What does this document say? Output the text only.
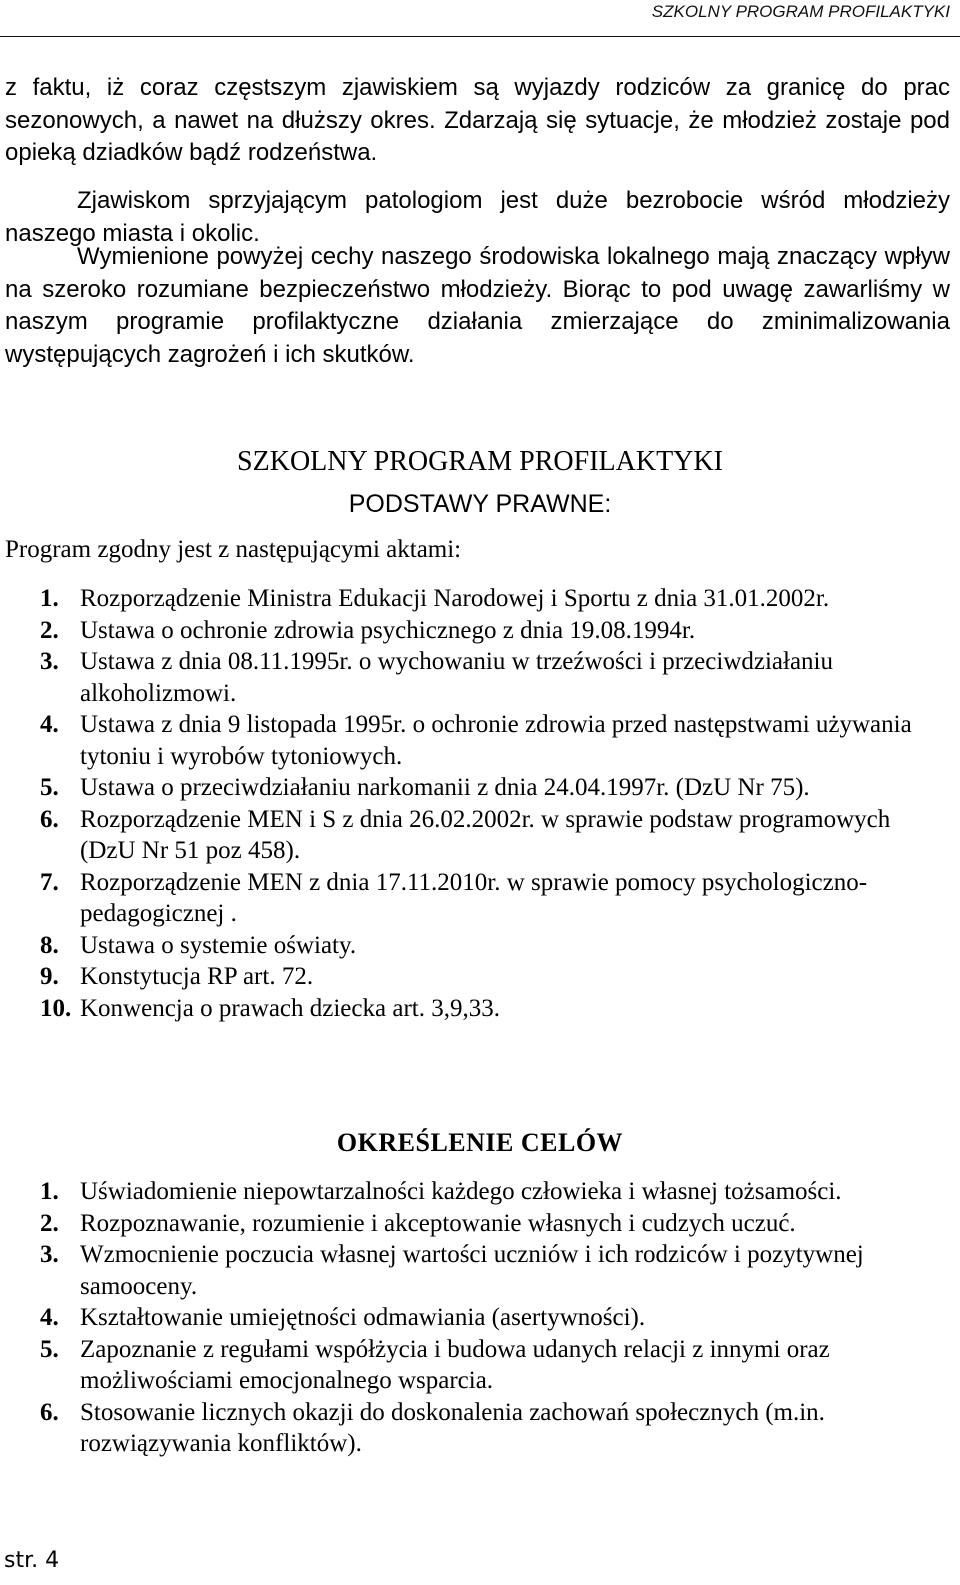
SZKOLNY PROGRAM PROFILAKTYKI

z faktu, iż coraz częstszym zjawiskiem są wyjazdy rodziców za granicę do prac sezonowych, a nawet na dłuższy okres. Zdarzają się sytuacje, że młodzież zostaje pod opieką dziadków bądź rodzeństwa.

Zjawiskom sprzyjającym patologiom jest duże bezrobocie wśród młodzieży naszego miasta i okolic.

Wymienione powyżej cechy naszego środowiska lokalnego mają znaczący wpływ na szeroko rozumiane bezpieczeństwo młodzieży. Biorąc to pod uwagę zawarliśmy w naszym programie profilaktyczne działania zmierzające do zminimalizowania występujących zagrożeń i ich skutków.

SZKOLNY PROGRAM PROFILAKTYKI
PODSTAWY PRAWNE:

Program zgodny jest z następującymi aktami:

1. Rozporządzenie Ministra Edukacji Narodowej i Sportu z dnia 31.01.2002r.
2. Ustawa o ochronie zdrowia psychicznego z dnia 19.08.1994r.
3. Ustawa z dnia 08.11.1995r. o wychowaniu w trzeźwości i przeciwdziałaniu alkoholizmowi.
4. Ustawa z dnia 9 listopada 1995r. o ochronie zdrowia przed następstwami używania tytoniu i wyrobów tytoniowych.
5. Ustawa o przeciwdziałaniu narkomanii z dnia 24.04.1997r. (DzU Nr 75).
6. Rozporządzenie MEN i S z dnia 26.02.2002r. w sprawie podstaw programowych (DzU Nr 51 poz 458).
7. Rozporządzenie MEN z dnia 17.11.2010r. w sprawie pomocy psychologiczno-pedagogicznej .
8. Ustawa o systemie oświaty.
9. Konstytucja RP art. 72.
10. Konwencja o prawach dziecka art. 3,9,33.
OKREŚLENIE CELÓW
1. Uświadomienie niepowtarzalności każdego człowieka i własnej tożsamości.
2. Rozpoznawanie, rozumienie i akceptowanie własnych i cudzych uczuć.
3. Wzmocnienie poczucia własnej wartości uczniów i ich rodziców i pozytywnej samooceny.
4. Kształtowanie umiejętności odmawiania (asertywności).
5. Zapoznanie z regułami współżycia i budowa udanych relacji z innymi oraz możliwościami emocjonalnego wsparcia.
6. Stosowanie licznych okazji do doskonalenia zachowań społecznych (m.in. rozwiązywania konfliktów).
str. 4
